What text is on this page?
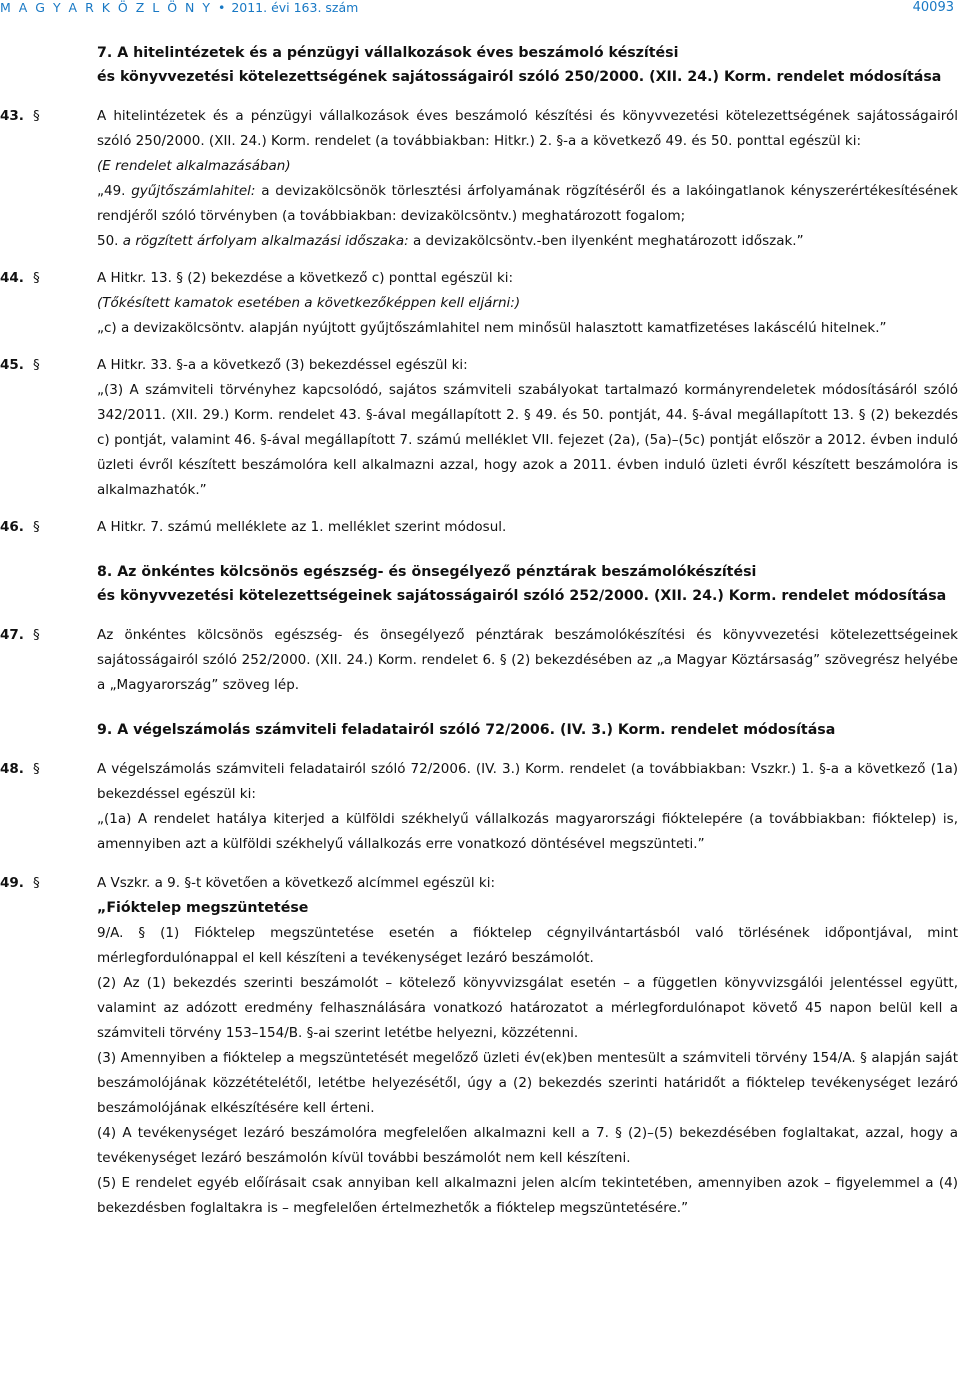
M A G Y A R K Ö Z L Ö N Y • 2011. évi 163. szám	40093
7. A hitelintézetek és a pénzügyi vállalkozások éves beszámoló készítési
és könyvvezetési kötelezettségének sajátosságairól szóló 250/2000. (XII. 24.) Korm. rendelet módosítása
43. §	A hitelintézetek és a pénzügyi vállalkozások éves beszámoló készítési és könyvvezetési kötelezettségének sajátosságairól szóló 250/2000. (XII. 24.) Korm. rendelet (a továbbiakban: Hitkr.) 2. §-a a következő 49. és 50. ponttal egészül ki:
(E rendelet alkalmazásában)
„49. gyűjtőszámlahitel: a devizakölcsönök törlesztési árfolyamának rögzítéséről és a lakóingatlanok kényszerértékesítésének rendjéről szóló törvényben (a továbbiakban: devizakölcsöntv.) meghatározott fogalom;
50. a rögzített árfolyam alkalmazási időszaka: a devizakölcsöntv.-ben ilyenként meghatározott időszak.”
44. §	A Hitkr. 13. § (2) bekezdése a következő c) ponttal egészül ki:
(Tőkésített kamatok esetében a következőképpen kell eljárni:)
„c) a devizakölcsöntv. alapján nyújtott gyűjtőszámlahitel nem minősül halasztott kamatfizetéses lakáscélú hitelnek.”
45. §	A Hitkr. 33. §-a a következő (3) bekezdéssel egészül ki:
„(3) A számviteli törvényhez kapcsolódó, sajátos számviteli szabályokat tartalmazó kormányrendeletek módosításáról szóló 342/2011. (XII. 29.) Korm. rendelet 43. §-ával megállapított 2. § 49. és 50. pontját, 44. §-ával megállapított 13. § (2) bekezdés c) pontját, valamint 46. §-ával megállapított 7. számú melléklet VII. fejezet (2a), (5a)–(5c) pontját először a 2012. évben induló üzleti évről készített beszámolóra kell alkalmazni azzal, hogy azok a 2011. évben induló üzleti évről készített beszámolóra is alkalmazhatók.”
46. §	A Hitkr. 7. számú melléklete az 1. melléklet szerint módosul.
8. Az önkéntes kölcsönös egészség- és önsegélyező pénztárak beszámolókészítési
és könyvvezetési kötelezettségeinek sajátosságairól szóló 252/2000. (XII. 24.) Korm. rendelet módosítása
47. §	Az önkéntes kölcsönös egészség- és önsegélyező pénztárak beszámolókészítési és könyvvezetési kötelezettségeinek sajátosságairól szóló 252/2000. (XII. 24.) Korm. rendelet 6. § (2) bekezdésében az „a Magyar Köztársaság” szövegrész helyébe a „Magyarország” szöveg lép.
9. A végelszámolás számviteli feladatairól szóló 72/2006. (IV. 3.) Korm. rendelet módosítása
48. §	A végelszámolás számviteli feladatairól szóló 72/2006. (IV. 3.) Korm. rendelet (a továbbiakban: Vszkr.) 1. §-a a következő (1a) bekezdéssel egészül ki:
„(1a) A rendelet hatálya kiterjed a külföldi székhelyű vállalkozás magyarországi fióktelepére (a továbbiakban: fióktelep) is, amennyiben azt a külföldi székhelyű vállalkozás erre vonatkozó döntésével megszünteti.”
49. §	A Vszkr. a 9. §-t követően a következő alcímmel egészül ki:
„Fióktelep megszüntetése
9/A. § (1) Fióktelep megszüntetése esetén a fióktelep cégnyilvántartásból való törlésének időpontjával, mint mérlegfordulónappal el kell készíteni a tevékenységet lezáró beszámolót.
(2) Az (1) bekezdés szerinti beszámolót – kötelező könyvvizsgálat esetén – a független könyvvizsgálói jelentéssel együtt, valamint az adózott eredmény felhasználására vonatkozó határozatot a mérlegfordulónapot követő 45 napon belül kell a számviteli törvény 153–154/B. §-ai szerint letétbe helyezni, közzétenni.
(3) Amennyiben a fióktelep a megszüntetését megelőző üzleti év(ek)ben mentesült a számviteli törvény 154/A. § alapján saját beszámolójának közzétételétől, letétbe helyezésétől, úgy a (2) bekezdés szerinti határidőt a fióktelep tevékenységet lezáró beszámolójának elkészítésére kell érteni.
(4) A tevékenységet lezáró beszámolóra megfelelően alkalmazni kell a 7. § (2)–(5) bekezdésében foglaltakat, azzal, hogy a tevékenységet lezáró beszámolón kívül további beszámolót nem kell készíteni.
(5) E rendelet egyéb előírásait csak annyiban kell alkalmazni jelen alcím tekintetében, amennyiben azok – figyelemmel a (4) bekezdésben foglaltakra is – megfelelően értelmezhetők a fióktelep megszüntetésére.”
